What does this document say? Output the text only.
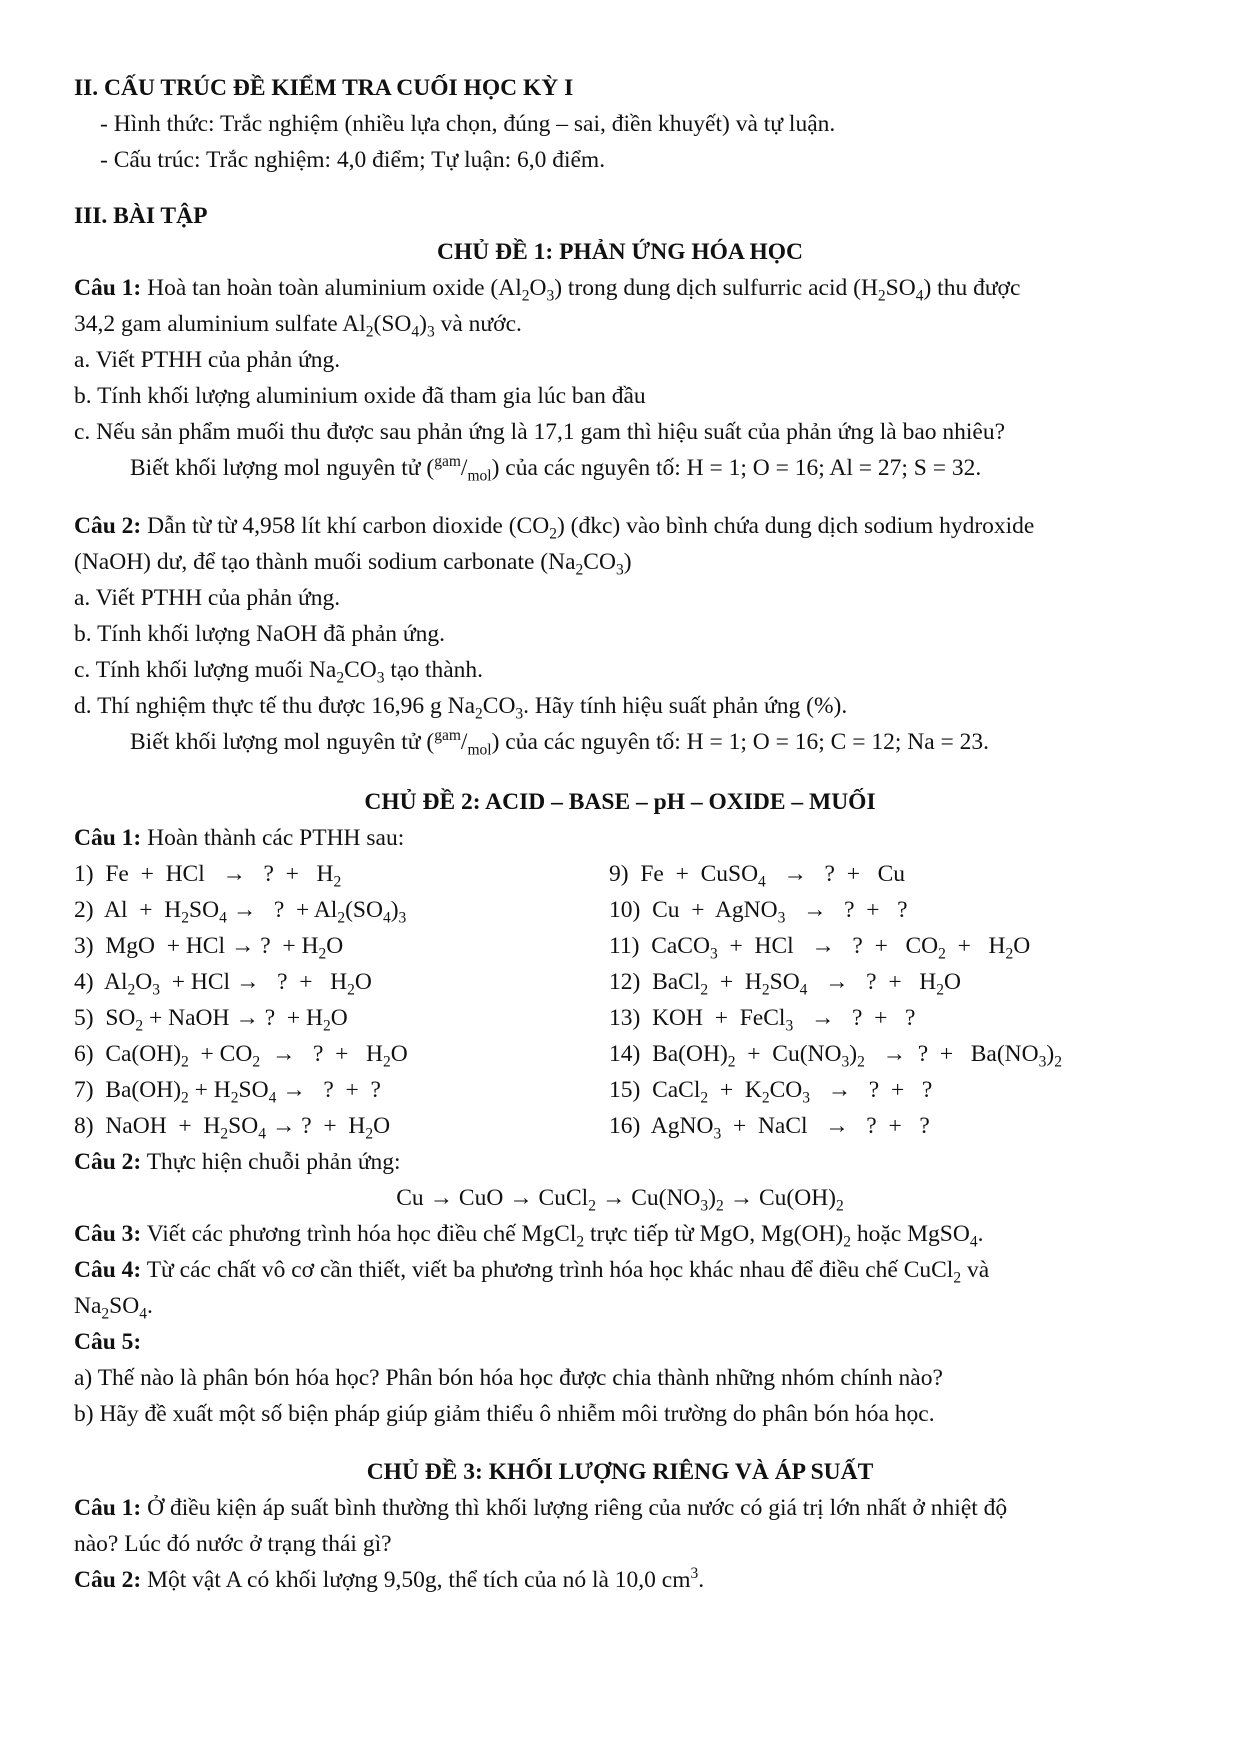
II. CẤU TRÚC ĐỀ KIỂM TRA CUỐI HỌC KỲ I

- Hình thức: Trắc nghiệm (nhiều lựa chọn, đúng – sai, điền khuyết) và tự luận.

- Cấu trúc: Trắc nghiệm: 4,0 điểm; Tự luận: 6,0 điểm.

III. BÀI TẬP

CHỦ ĐỀ 1: PHẢN ỨNG HÓA HỌC

Câu 1: Hoà tan hoàn toàn aluminium oxide $(Al_2O_3)$ trong dung dịch sulfurric acid $(H_2SO_4)$ thu được

34,2 gam aluminium sulfate $Al_2(SO_4)_3$ và nước.

a. Viết PTHH của phản ứng.

b. Tính khối lượng aluminium oxide đã tham gia lúc ban đầu

c. Nếu sản phẩm muối thu được sau phản ứng là 17,1 gam thì hiệu suất của phản ứng là bao nhiêu?

Biết khối lượng mol nguyên tử $(^{gam}/_{mol})$ của các nguyên tố: H = 1; O = 16; Al = 27; S = 32.

Câu 2: Dẫn từ từ 4,958 lít khí carbon dioxide $(CO_2)$ (đkc) vào bình chứa dung dịch sodium hydroxide

(NaOH) dư, để tạo thành muối sodium carbonate $(Na_2CO_3)$

a. Viết PTHH của phản ứng.

b. Tính khối lượng NaOH đã phản ứng.

c. Tính khối lượng muối $Na_2CO_3$ tạo thành.

d. Thí nghiệm thực tế thu được 16,96 g $Na_2CO_3$. Hãy tính hiệu suất phản ứng (%).

Biết khối lượng mol nguyên tử $(^{gam}/_{mol})$ của các nguyên tố: H = 1; O = 16; C = 12; Na = 23.

CHỦ ĐỀ 2: ACID – BASE – pH – OXIDE – MUỐI

Câu 1: Hoàn thành các PTHH sau:

1)  Fe  +  HCl   →   ?  +   $H_2$	9)  Fe  +  CuSO$_4$   →   ?  +   Cu
2)  $Al + H_2SO_4$ →   ?  + $Al_2(SO_4)_3$	10)  Cu  +  AgNO$_3$   →   ?  +   ?
3)  MgO  + HCl → ?  + $H_2O$	11)  CaCO$_3$  +  HCl   →   ?  +   $CO_2 + H_2O$
4)  $Al_2O_3$  + HCl →   ?  +   $H_2O$	12)  BaCl$_2$  +  $H_2SO_4$   →   ?  +   $H_2O$
5)  $SO_2$ + NaOH → ?  + $H_2O$	13)  KOH  +  FeCl$_3$   →   ?  +   ?
6)  $Ca(OH)_2 + CO_2$  →   ?  +   $H_2O$	14)  $Ba(OH)_2 + Cu(NO_3)_2$   →  ?  +   $Ba(NO_3)_2$
7)  $Ba(OH)_2 + H_2SO_4$ →   ?  +  ?	15)  CaCl$_2$  +  $K_2CO_3$   →   ?  +   ?
8)  NaOH  +  $H_2SO_4$ → ?  +  $H_2O$	16)  AgNO$_3$  +  NaCl   →   ?  +   ?

Câu 2: Thực hiện chuỗi phản ứng:

Cu → CuO → CuCl$_2$ → $Cu(NO_3)_2 \to Cu(OH)_2$

Câu 3: Viết các phương trình hóa học điều chế MgCl$_2$ trực tiếp từ MgO, $Mg(OH)_2$ hoặc MgSO$_4$.

Câu 4: Từ các chất vô cơ cần thiết, viết ba phương trình hóa học khác nhau để điều chế CuCl$_2$ và

$Na_2SO_4$.

Câu 5:

a) Thế nào là phân bón hóa học? Phân bón hóa học được chia thành những nhóm chính nào?

b) Hãy đề xuất một số biện pháp giúp giảm thiểu ô nhiễm môi trường do phân bón hóa học.

CHỦ ĐỀ 3: KHỐI LƯỢNG RIÊNG VÀ ÁP SUẤT

Câu 1: Ở điều kiện áp suất bình thường thì khối lượng riêng của nước có giá trị lớn nhất ở nhiệt độ

nào? Lúc đó nước ở trạng thái gì?

Câu 2: Một vật A có khối lượng 9,50g, thể tích của nó là 10,0 $cm^3$.
